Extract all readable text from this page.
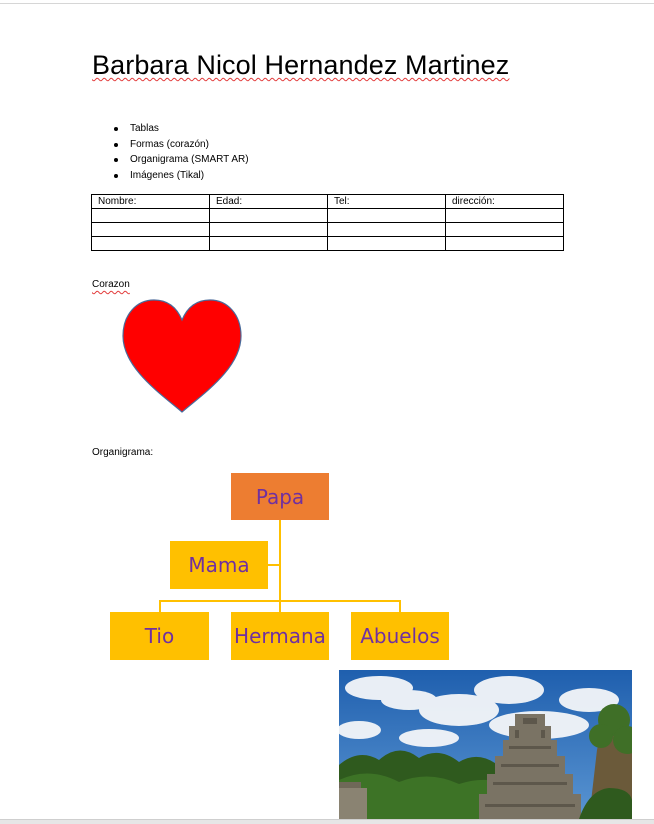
Barbara Nicol Hernandez Martinez
Tablas
Formas (corazón)
Organigrama (SMART AR)
Imágenes (Tikal)
Nombre:	Edad:	Tel:	dirección:

Corazon
Organigrama:
Papa
Mama
Tio	Hermana	Abuelos
